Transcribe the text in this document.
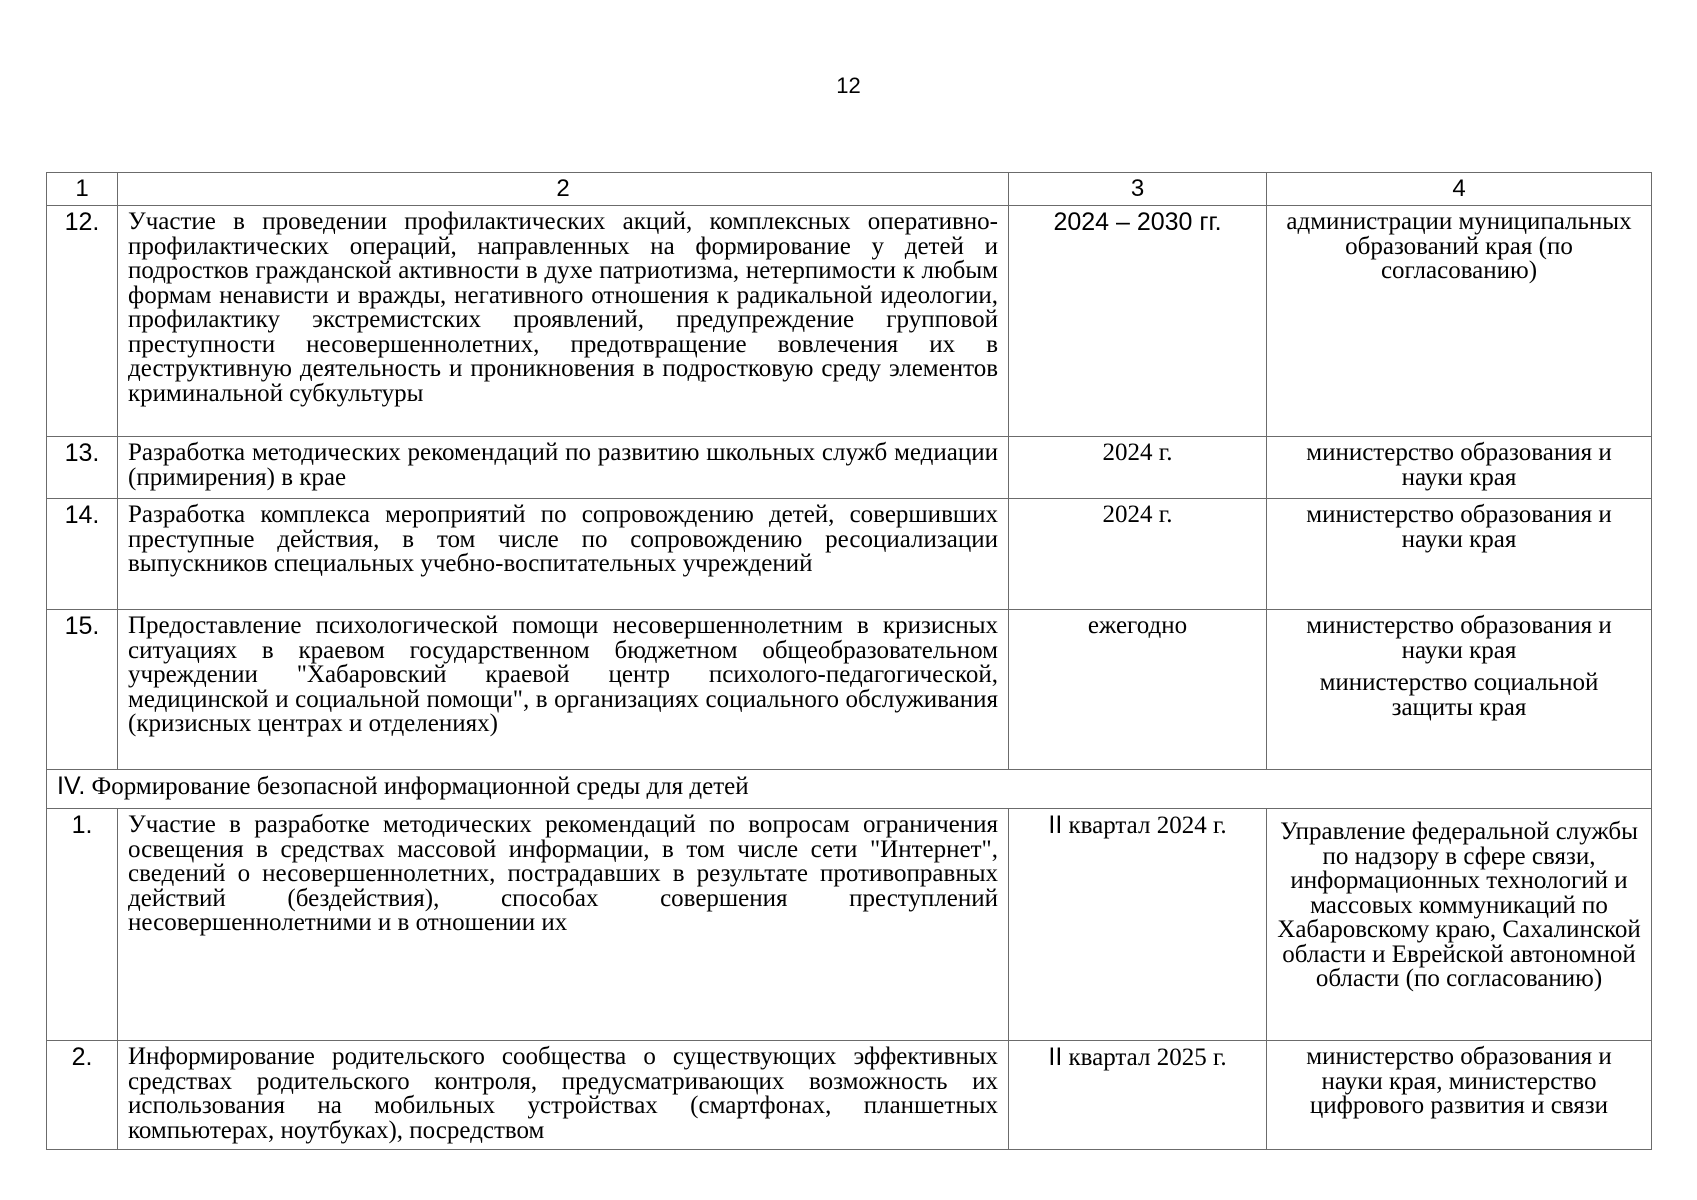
12
1	2	3	4
12.	Участие в проведении профилактических акций, комплексных оперативно-профилактических операций, направленных на формирование у детей и подростков гражданской активности в духе патриотизма, нетерпимости к любым формам ненависти и вражды, негативного отношения к радикальной идеологии, профилактику экстремистских проявлений, предупреждение групповой преступности несовершеннолетних, предотвращение вовлечения их в деструктивную деятельность и проникновения в подростковую среду элементов криминальной субкультуры	2024 – 2030 гг.	администрации муниципальных образований края (по согласованию)

13.	Разработка методических рекомендаций по развитию школьных служб медиации (примирения) в крае	2024 г.	министерство образования и науки края

14.	Разработка комплекса мероприятий по сопровождению детей, совершивших преступные действия, в том числе по сопровождению ресоциализации выпускников специальных учебно-воспитательных учреждений	2024 г.	министерство образования и науки края

15.	Предоставление психологической помощи несовершеннолетним в кризисных ситуациях в краевом государственном бюджетном общеобразовательном учреждении "Хабаровский краевой центр психолого-педагогической, медицинской и социальной помощи", в организациях социального обслуживания (кризисных центрах и отделениях)	ежегодно	министерство образования и науки края
министерство социальной защиты края

IV. Формирование безопасной информационной среды для детей			
1.	Участие в разработке методических рекомендаций по вопросам ограничения освещения в средствах массовой информации, в том числе сети "Интернет", сведений о несовершеннолетних, пострадавших в результате противоправных действий (бездействия), способах совершения преступлений несовершеннолетними и в отношении их	II квартал 2024 г.	Управление федеральной службы по надзору в сфере связи, информационных технологий и массовых коммуникаций по Хабаровскому краю, Сахалинской области и Еврейской автономной области (по согласованию)

2.	Информирование родительского сообщества о существующих эффективных средствах родительского контроля, предусматривающих возможность их использования на мобильных устройствах (смартфонах, планшетных компьютерах, ноутбуках), посредством	II квартал 2025 г.	министерство образования и науки края, министерство цифрового развития и связи
